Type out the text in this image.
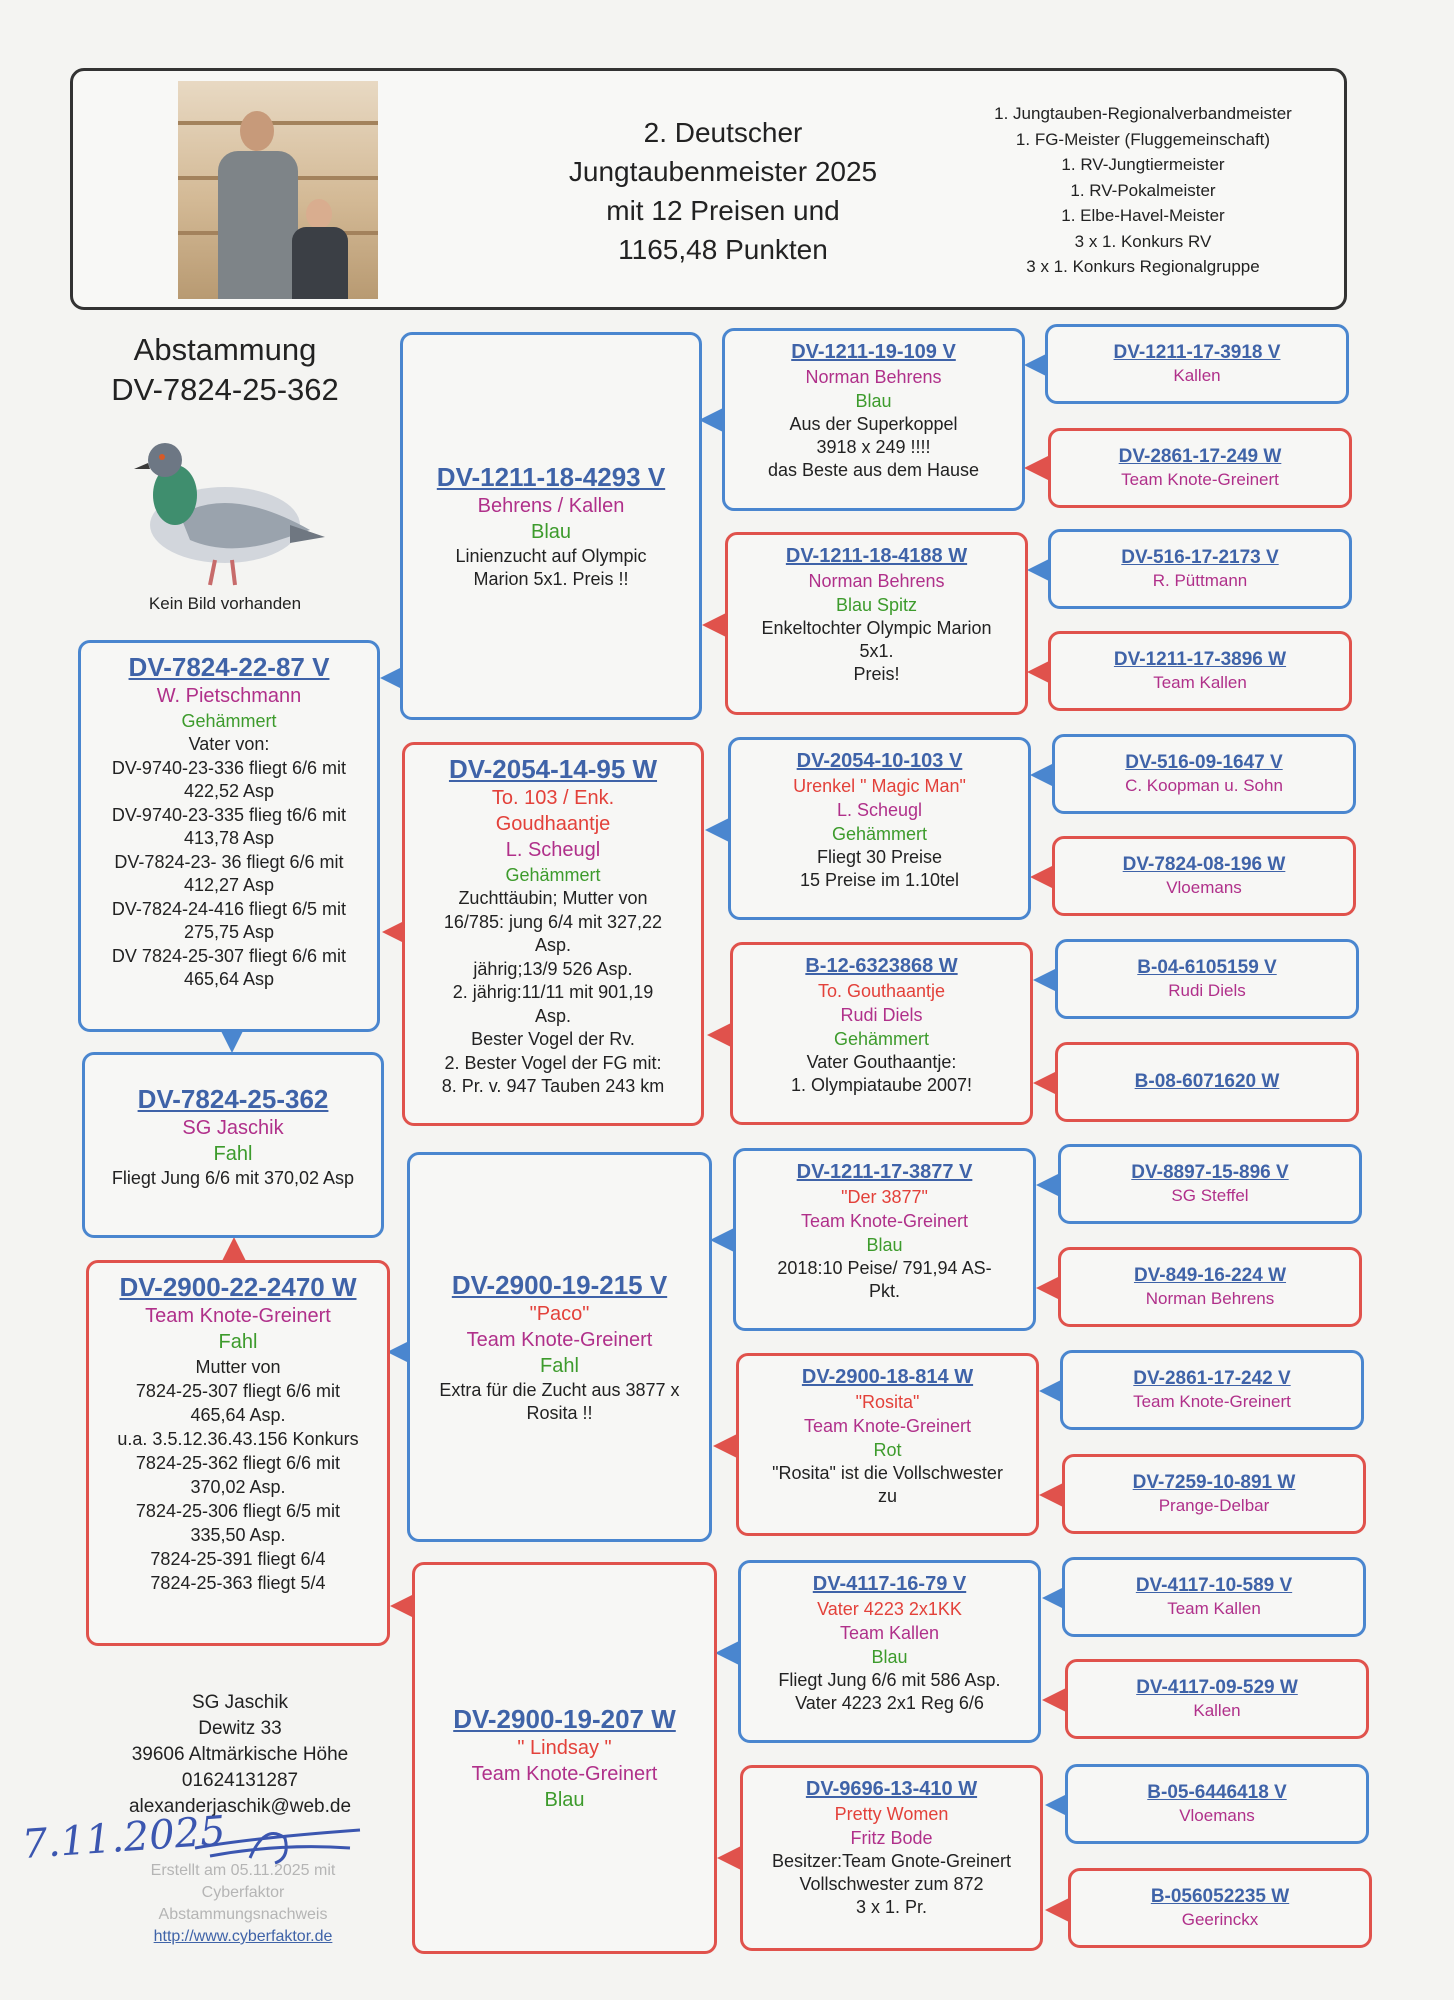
2. Deutscher
Jungtaubenmeister 2025
mit 12 Preisen und
1165,48 Punkten
1. Jungtauben-Regionalverbandmeister
1. FG-Meister (Fluggemeinschaft)
1. RV-Jungtiermeister
1. RV-Pokalmeister
1. Elbe-Havel-Meister
3 x 1. Konkurs RV
3 x 1. Konkurs Regionalgruppe
Abstammung
DV-7824-25-362
Kein Bild vorhanden
DV-7824-22-87 V
W. Pietschmann
Gehämmert
Vater von:
DV-9740-23-336 fliegt 6/6 mit
422,52 Asp
DV-9740-23-335 flieg t6/6 mit
413,78 Asp
DV-7824-23- 36 fliegt 6/6 mit
412,27 Asp
DV-7824-24-416 fliegt 6/5 mit
275,75 Asp
DV 7824-25-307 fliegt 6/6 mit
465,64 Asp
DV-7824-25-362
SG Jaschik
Fahl
Fliegt Jung 6/6 mit 370,02 Asp
DV-2900-22-2470 W
Team Knote-Greinert
Fahl
Mutter von
7824-25-307 fliegt 6/6 mit
465,64 Asp.
u.a. 3.5.12.36.43.156 Konkurs
7824-25-362 fliegt 6/6 mit
370,02 Asp.
7824-25-306 fliegt 6/5 mit
335,50 Asp.
7824-25-391 fliegt 6/4
7824-25-363 fliegt 5/4
DV-1211-18-4293 V
Behrens / Kallen
Blau
Linienzucht auf Olympic
Marion 5x1. Preis !!
DV-2054-14-95 W
To. 103 / Enk. Goudhaantje
L. Scheugl
Gehämmert
Zuchttäubin; Mutter von
16/785: jung 6/4 mit 327,22
Asp.
jährig;13/9 526 Asp.
2. jährig:11/11 mit 901,19
Asp.
Bester Vogel der Rv.
2. Bester Vogel der FG mit:
8. Pr. v. 947 Tauben 243 km
DV-2900-19-215 V
"Paco"
Team Knote-Greinert
Fahl
Extra für die Zucht aus 3877 x
Rosita !!
DV-2900-19-207 W
" Lindsay "
Team Knote-Greinert
Blau
DV-1211-19-109 V
Norman Behrens
Blau
Aus der Superkoppel
3918 x 249 !!!!
das Beste aus dem Hause
DV-1211-18-4188 W
Norman Behrens
Blau Spitz
Enkeltochter Olympic Marion
5x1.
Preis!
DV-2054-10-103 V
Urenkel " Magic Man"
L. Scheugl
Gehämmert
Fliegt 30 Preise
15 Preise im 1.10tel
B-12-6323868 W
To. Gouthaantje
Rudi Diels
Gehämmert
Vater Gouthaantje:
1. Olympiataube 2007!
DV-1211-17-3877 V
"Der 3877"
Team Knote-Greinert
Blau
2018:10 Peise/ 791,94 AS-
Pkt.
DV-2900-18-814 W
"Rosita"
Team Knote-Greinert
Rot
"Rosita" ist die Vollschwester
zu
DV-4117-16-79 V
Vater 4223 2x1KK
Team Kallen
Blau
Fliegt Jung 6/6 mit 586 Asp.
Vater 4223 2x1 Reg 6/6
DV-9696-13-410 W
Pretty Women
Fritz Bode
Besitzer:Team Gnote-Greinert
Vollschwester zum 872
3 x 1. Pr.
DV-1211-17-3918 V
Kallen
DV-2861-17-249 W
Team Knote-Greinert
DV-516-17-2173 V
R. Püttmann
DV-1211-17-3896 W
Team Kallen
DV-516-09-1647 V
C. Koopman u. Sohn
DV-7824-08-196 W
Vloemans
B-04-6105159 V
Rudi Diels
B-08-6071620 W
DV-8897-15-896 V
SG Steffel
DV-849-16-224 W
Norman Behrens
DV-2861-17-242 V
Team Knote-Greinert
DV-7259-10-891 W
Prange-Delbar
DV-4117-10-589 V
Team Kallen
DV-4117-09-529 W
Kallen
B-05-6446418 V
Vloemans
B-056052235 W
Geerinckx
SG Jaschik
Dewitz 33
39606 Altmärkische Höhe
01624131287
alexanderjaschik@web.de
7.11.2025
Erstellt am 05.11.2025 mit
Cyberfaktor
Abstammungsnachweis
http://www.cyberfaktor.de
